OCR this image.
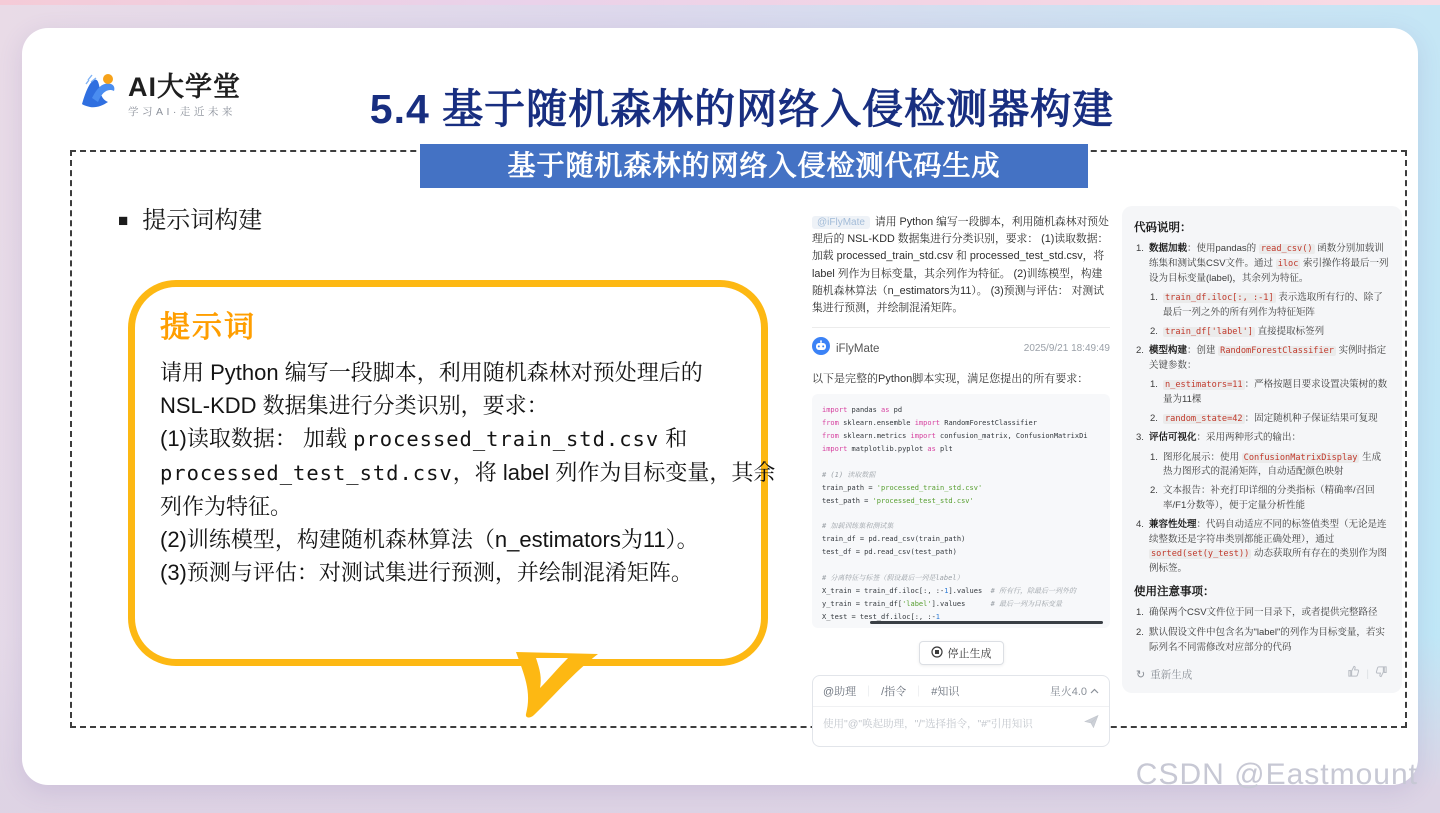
AI大学堂
学习AI·走近未来	5.4 基于随机森林的网络入侵检测器构建
基于随机森林的网络入侵检测代码生成
■ 提示词构建
提示词
请用 Python 编写一段脚本，利用随机森林对预处理后的
NSL-KDD 数据集进行分类识别，要求：
(1)读取数据： 加载 processed_train_std.csv 和
processed_test_std.csv，将 label 列作为目标变量，其余
列作为特征。
(2)训练模型，构建随机森林算法（n_estimators为11）。
(3)预测与评估：对测试集进行预测，并绘制混淆矩阵。
@iFlyMate 请用 Python 编写一段脚本，利用随机森林对预处理后的 NSL-KDD 数据集进行分类识别，要求： (1)读取数据： 加载 processed_train_std.csv 和 processed_test_std.csv，将 label 列作为目标变量，其余列作为特征。 (2)训练模型，构建随机森林算法（n_estimators为11）。 (3)预测与评估： 对测试集进行预测，并绘制混淆矩阵。
iFlyMate	2025/9/21 18:49:49
以下是完整的Python脚本实现，满足您提出的所有要求：
import pandas as pd
from sklearn.ensemble import RandomForestClassifier
from sklearn.metrics import confusion_matrix, ConfusionMatrixDi
import matplotlib.pyplot as plt

# (1) 读取数据
train_path = 'processed_train_std.csv'
test_path = 'processed_test_std.csv'

# 加载训练集和测试集
train_df = pd.read_csv(train_path)
test_df = pd.read_csv(test_path)

# 分离特征与标签（假设最后一列是label）
X_train = train_df.iloc[:, :-1].values  # 所有行，除最后一列外的
y_train = train_df['label'].values      # 最后一列为目标变量
X_test = test_df.iloc[:, :-1
停止生成
@助理 ｜ /指令 ｜ #知识	星火4.0
使用"@"唤起助理，"/"选择指令，"#"引用知识
代码说明：
1. 数据加载：使用pandas的 read_csv() 函数分别加载训练集和测试集CSV文件。通过 iloc 索引操作将最后一列设为目标变量(label)，其余列为特征。
1. train_df.iloc[:, :-1] 表示选取所有行的、除了最后一列之外的所有列作为特征矩阵
2. train_df['label'] 直接提取标签列
2. 模型构建：创建 RandomForestClassifier 实例时指定关键参数：
1. n_estimators=11 ：严格按题目要求设置决策树的数量为11棵
2. random_state=42 ：固定随机种子保证结果可复现
3. 评估可视化：采用两种形式的输出：
1. 图形化展示：使用 ConfusionMatrixDisplay 生成热力图形式的混淆矩阵，自动适配颜色映射
2. 文本报告：补充打印详细的分类指标（精确率/召回率/F1分数等），便于定量分析性能
4. 兼容性处理：代码自动适应不同的标签值类型（无论是连续整数还是字符串类别都能正确处理），通过 sorted(set(y_test)) 动态获取所有存在的类别作为图例标签。
使用注意事项：
1. 确保两个CSV文件位于同一目录下，或者提供完整路径
2. 默认假设文件中包含名为"label"的列作为目标变量，若实际列名不同需修改对应部分的代码
↻ 重新生成	|
CSDN @Eastmount
